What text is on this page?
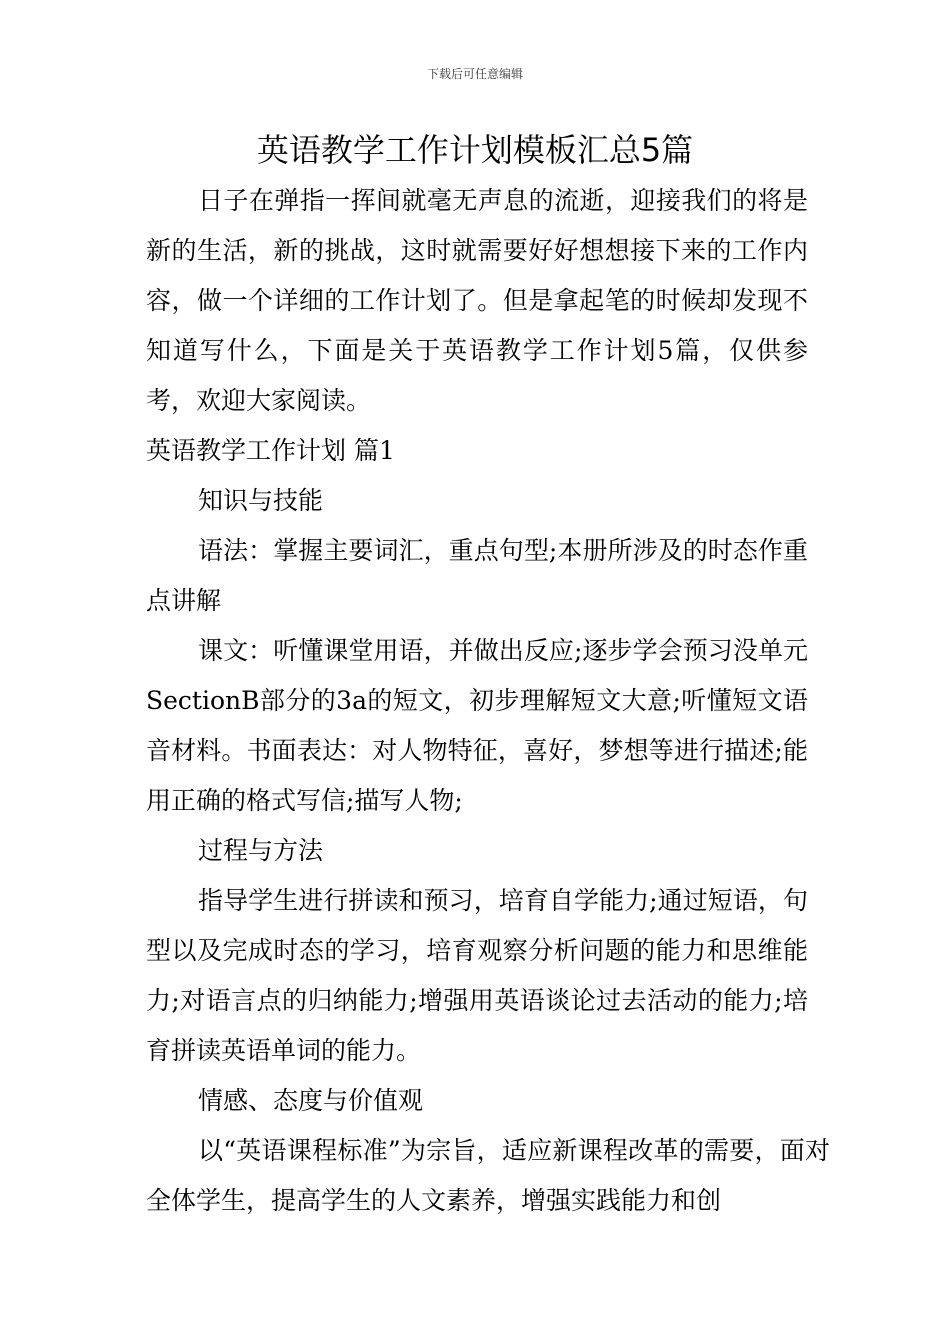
下载后可任意编辑
英语教学工作计划模板汇总5篇

日子在弹指一挥间就毫无声息的流逝，迎接我们的将是新的生活，新的挑战，这时就需要好好想想接下来的工作内容，做一个详细的工作计划了。但是拿起笔的时候却发现不知道写什么，下面是关于英语教学工作计划5篇，仅供参考，欢迎大家阅读。

英语教学工作计划 篇1

知识与技能

语法：掌握主要词汇，重点句型;本册所涉及的时态作重点讲解

课文：听懂课堂用语，并做出反应;逐步学会预习没单元SectionB部分的3a的短文，初步理解短文大意;听懂短文语音材料。书面表达：对人物特征，喜好，梦想等进行描述;能用正确的格式写信;描写人物;

过程与方法

指导学生进行拼读和预习，培育自学能力;通过短语，句型以及完成时态的学习，培育观察分析问题的能力和思维能力;对语言点的归纳能力;增强用英语谈论过去活动的能力;培育拼读英语单词的能力。

情感、态度与价值观

以“英语课程标准”为宗旨，适应新课程改革的需要，面对全体学生，提高学生的人文素养，增强实践能力和创
